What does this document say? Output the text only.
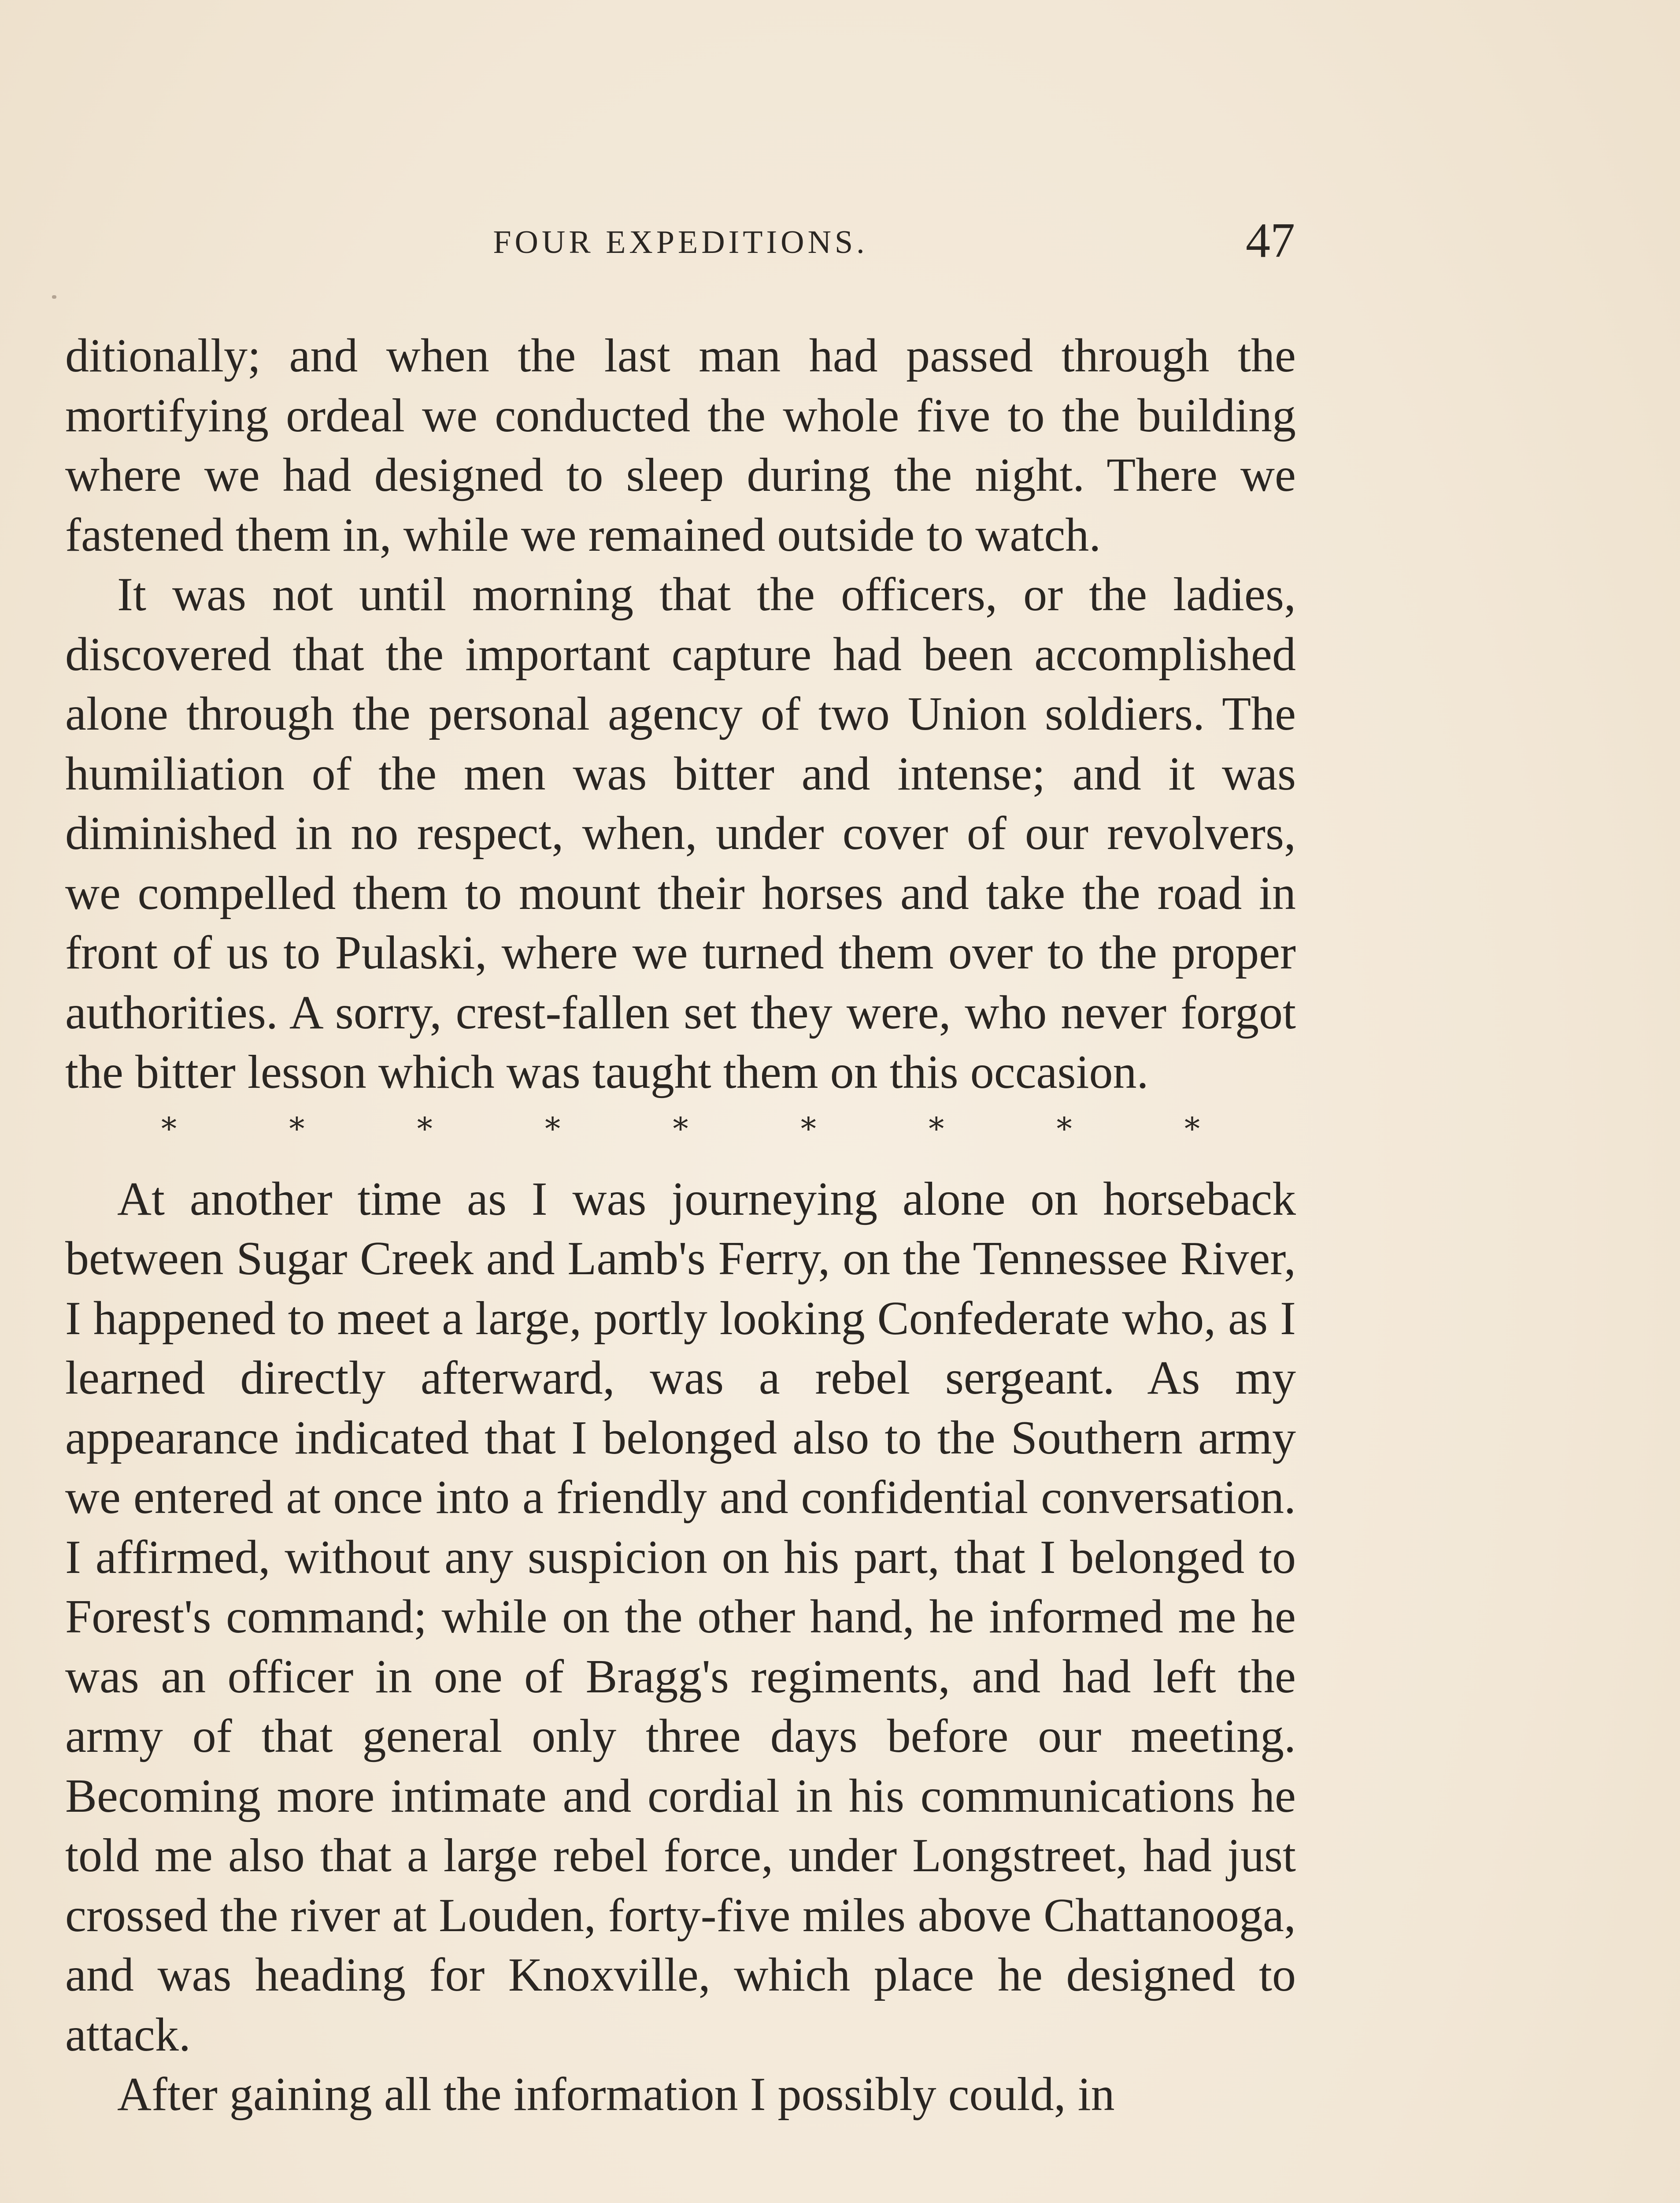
FOUR EXPEDITIONS.	47

ditionally; and when the last man had passed through the mortifying ordeal we conducted the whole five to the building where we had designed to sleep during the night. There we fastened them in, while we remained outside to watch.

It was not until morning that the officers, or the ladies, discovered that the important capture had been accomplished alone through the personal agency of two Union soldiers. The humiliation of the men was bitter and intense; and it was diminished in no respect, when, under cover of our revolvers, we compelled them to mount their horses and take the road in front of us to Pulaski, where we turned them over to the proper authorities. A sorry, crest-fallen set they were, who never forgot the bitter lesson which was taught them on this occasion.

*	*	*	*	*	*	*	*	*

At another time as I was journeying alone on horseback between Sugar Creek and Lamb's Ferry, on the Tennessee River, I happened to meet a large, portly looking Confederate who, as I learned directly afterward, was a rebel sergeant. As my appearance indicated that I belonged also to the Southern army we entered at once into a friendly and confidential conversation. I affirmed, without any suspicion on his part, that I belonged to Forest's command; while on the other hand, he informed me he was an officer in one of Bragg's regiments, and had left the army of that general only three days before our meeting. Becoming more intimate and cordial in his communications he told me also that a large rebel force, under Longstreet, had just crossed the river at Louden, forty-five miles above Chattanooga, and was heading for Knoxville, which place he designed to attack.

After gaining all the information I possibly could, in
